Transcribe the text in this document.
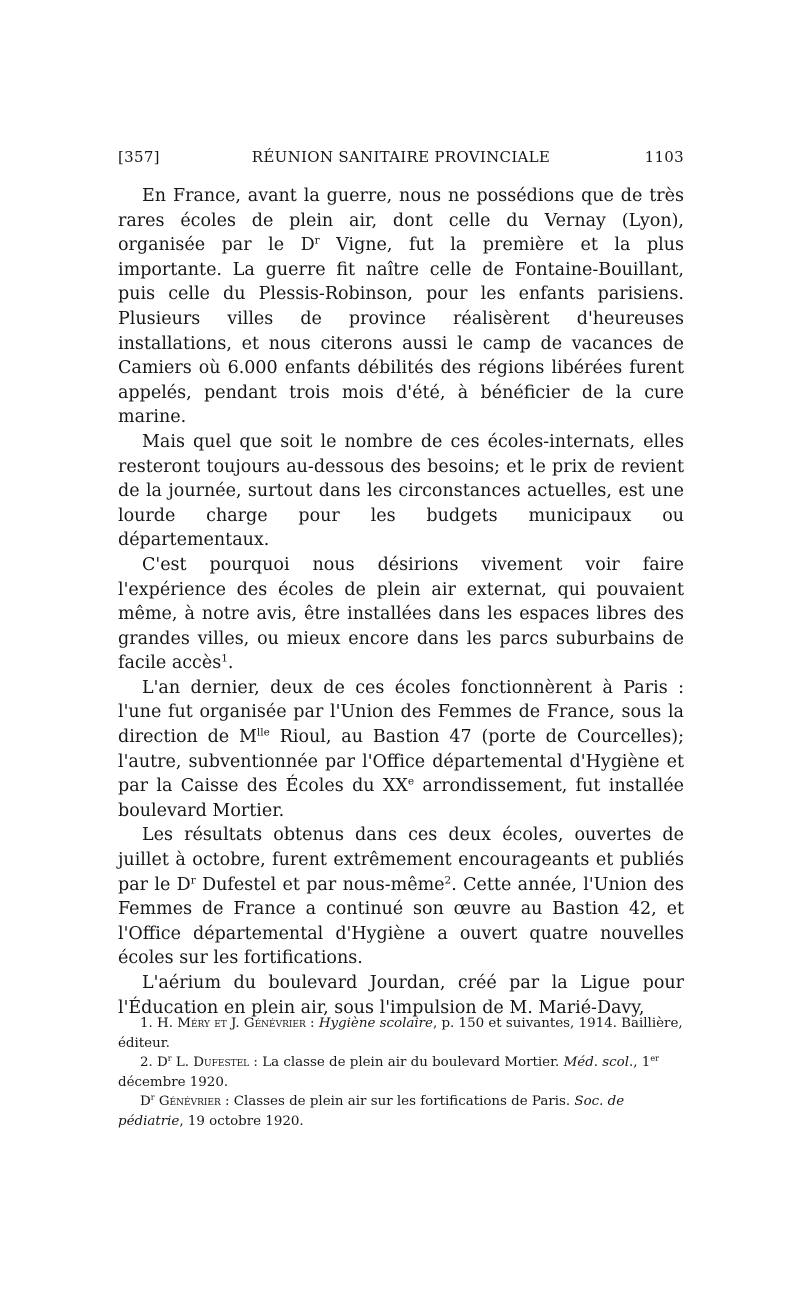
RÉUNION SANITAIRE PROVINCIALE
[357]	1103

En France, avant la guerre, nous ne possédions que de très rares écoles de plein air, dont celle du Vernay (Lyon), organisée par le $D^r$ Vigne, fut la première et la plus importante. La guerre fit naître celle de Fontaine-Bouillant, puis celle du Plessis-Robinson, pour les enfants parisiens. Plusieurs villes de province réalisèrent d'heureuses installations, et nous citerons aussi le camp de vacances de Camiers où 6.000 enfants débilités des régions libérées furent appelés, pendant trois mois d'été, à bénéficier de la cure marine.

Mais quel que soit le nombre de ces écoles-internats, elles resteront toujours au-dessous des besoins; et le prix de revient de la journée, surtout dans les circonstances actuelles, est une lourde charge pour les budgets municipaux ou départementaux.

C'est pourquoi nous désirions vivement voir faire l'expérience des écoles de plein air externat, qui pouvaient même, à notre avis, être installées dans les espaces libres des grandes villes, ou mieux encore dans les parcs suburbains de facile accès$^1$.

L'an dernier, deux de ces écoles fonctionnèrent à Paris : l'une fut organisée par l'Union des Femmes de France, sous la direction de $M^{lle}$ Rioul, au Bastion 47 (porte de Courcelles); l'autre, subventionnée par l'Office départemental d'Hygiène et par la Caisse des Écoles du XXe arrondissement, fut installée boulevard Mortier.

Les résultats obtenus dans ces deux écoles, ouvertes de juillet à octobre, furent extrêmement encourageants et publiés par le $D^r$ Dufestel et par nous-même$^2$. Cette année, l'Union des Femmes de France a continué son œuvre au Bastion 42, et l'Office départemental d'Hygiène a ouvert quatre nouvelles écoles sur les fortifications.

L'aérium du boulevard Jourdan, créé par la Ligue pour l'Éducation en plein air, sous l'impulsion de M. Marié-Davy,

1. H. Méry et J. Génévrier : Hygiène scolaire, p. 150 et suivantes, 1914. Baillière, éditeur.

2. $D^r$ L. Dufestel : La classe de plein air du boulevard Mortier. Méd. scol., 1er décembre 1920.

$D^r$ Génévrier : Classes de plein air sur les fortifications de Paris. Soc. de pédiatrie, 19 octobre 1920.
